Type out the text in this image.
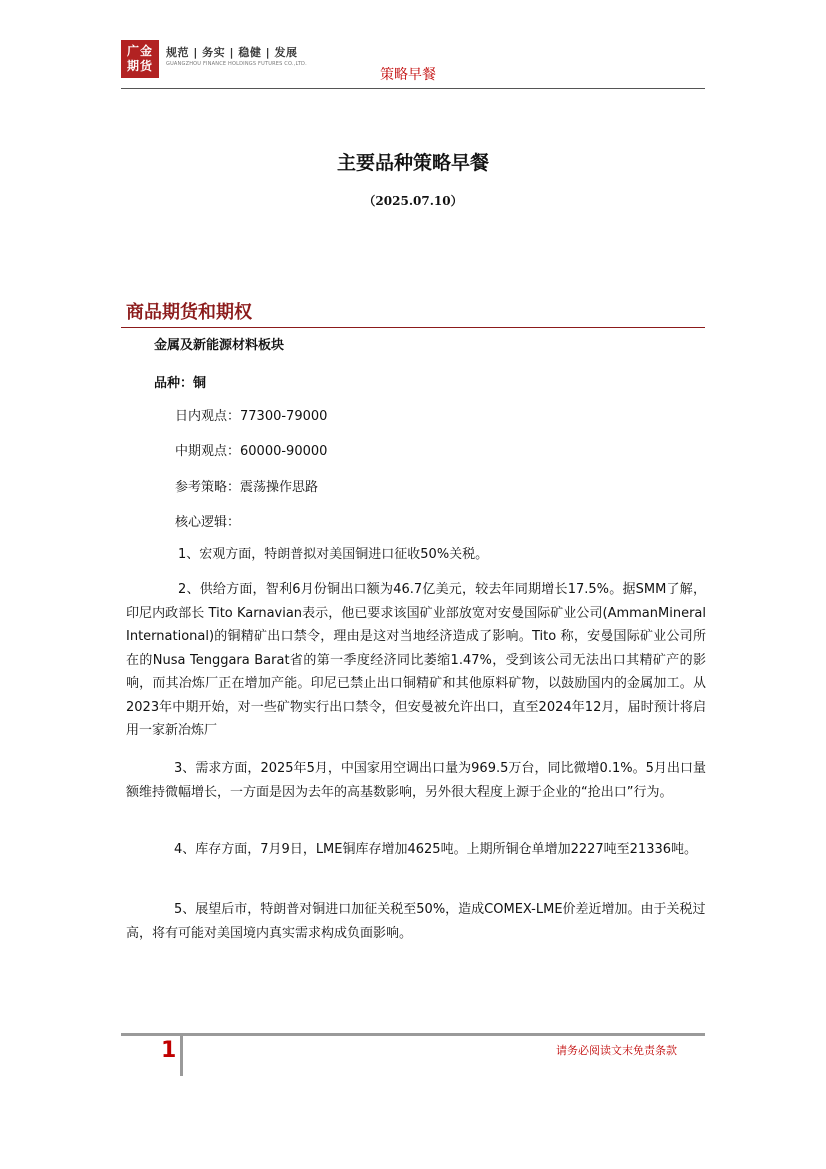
广金
期货
规范 | 务实 | 稳健 | 发展
GUANGZHOU FINANCE HOLDINGS FUTURES CO.,LTD.
策略早餐
主要品种策略早餐
（2025.07.10）
商品期货和期权
金属及新能源材料板块
品种：铜
日内观点：77300-79000
中期观点：60000-90000
参考策略：震荡操作思路
核心逻辑：
1、宏观方面，特朗普拟对美国铜进口征收50%关税。
2、供给方面，智利6月份铜出口额为46.7亿美元，较去年同期增长17.5%。据SMM了解，印尼内政部长 Tito Karnavian表示，他已要求该国矿业部放宽对安曼国际矿业公司(AmmanMineral International)的铜精矿出口禁令，理由是这对当地经济造成了影响。Tito 称，安曼国际矿业公司所在的Nusa Tenggara Barat省的第一季度经济同比萎缩1.47%，受到该公司无法出口其精矿产的影响，而其冶炼厂正在增加产能。印尼已禁止出口铜精矿和其他原料矿物，以鼓励国内的金属加工。从2023年中期开始，对一些矿物实行出口禁令，但安曼被允许出口，直至2024年12月，届时预计将启用一家新冶炼厂
3、需求方面，2025年5月，中国家用空调出口量为969.5万台，同比微增0.1%。5月出口量额维持微幅增长，一方面是因为去年的高基数影响，另外很大程度上源于企业的“抢出口”行为。
4、库存方面，7月9日，LME铜库存增加4625吨。上期所铜仓单增加2227吨至21336吨。
5、展望后市，特朗普对铜进口加征关税至50%，造成COMEX-LME价差近增加。由于关税过高，将有可能对美国境内真实需求构成负面影响。
1	请务必阅读文末免责条款
